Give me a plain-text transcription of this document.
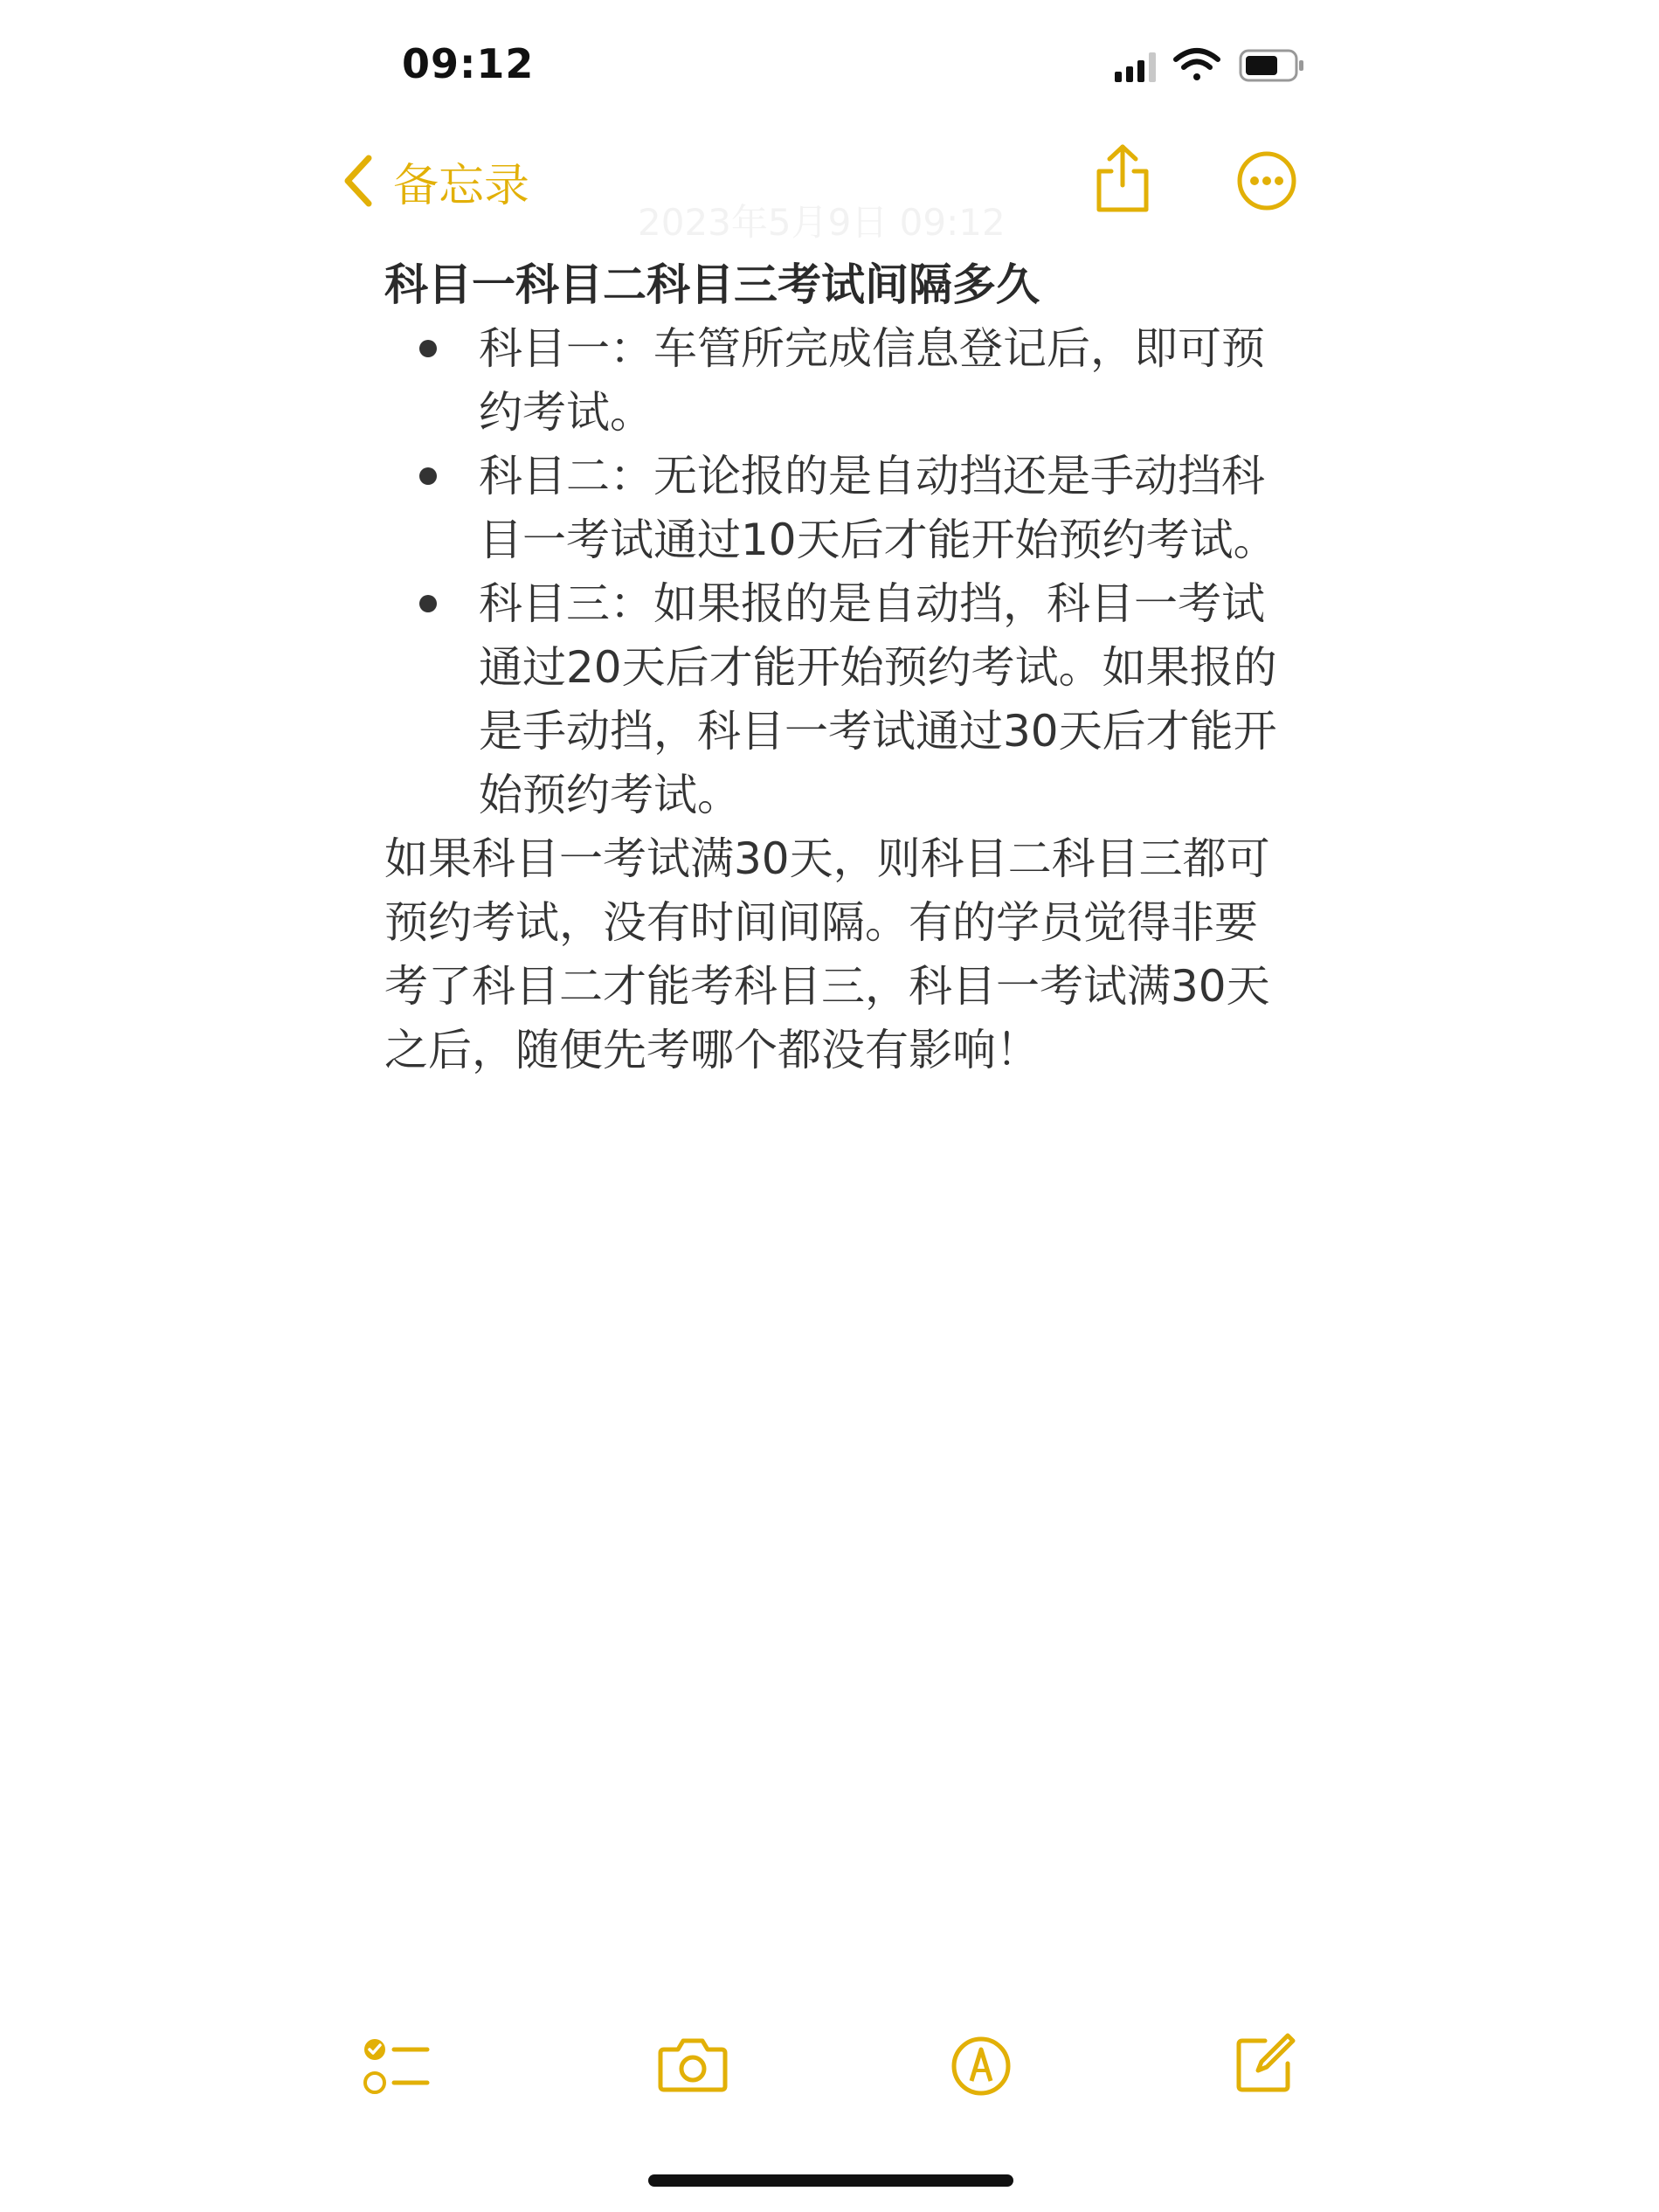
09:12
备忘录
2023年5月9日 09:12

科目一科目二科目三考试间隔多久

科目一：车管所完成信息登记后，即可预约考试。
科目二：无论报的是自动挡还是手动挡科目一考试通过10天后才能开始预约考试。
科目三：如果报的是自动挡，科目一考试通过20天后才能开始预约考试。如果报的是手动挡，科目一考试通过30天后才能开始预约考试。

如果科目一考试满30天，则科目二科目三都可预约考试，没有时间间隔。有的学员觉得非要考了科目二才能考科目三，科目一考试满30天之后，随便先考哪个都没有影响！
